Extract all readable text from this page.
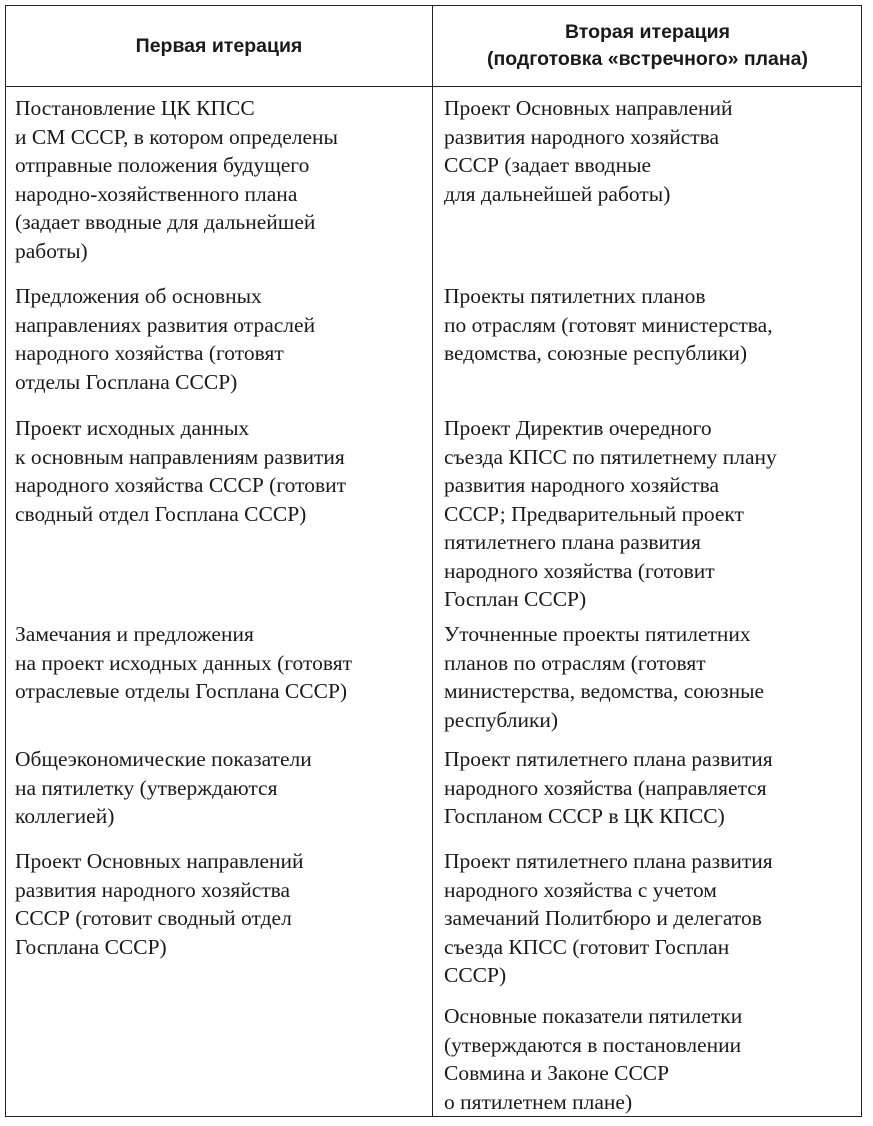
Первая итерация
Вторая итерация
(подготовка «встречного» плана)
Постановление ЦК КПСС
и СМ СССР, в котором определены
отправные положения будущего
народно-хозяйственного плана
(задает вводные для дальнейшей
работы)
Предложения об основных
направлениях развития отраслей
народного хозяйства (готовят
отделы Госплана СССР)
Проект исходных данных
к основным направлениям развития
народного хозяйства СССР (готовит
сводный отдел Госплана СССР)
Замечания и предложения
на проект исходных данных (готовят
отраслевые отделы Госплана СССР)
Общеэкономические показатели
на пятилетку (утверждаются
коллегией)
Проект Основных направлений
развития народного хозяйства
СССР (готовит сводный отдел
Госплана СССР)
Проект Основных направлений
развития народного хозяйства
СССР (задает вводные
для дальнейшей работы)
Проекты пятилетних планов
по отраслям (готовят министерства,
ведомства, союзные республики)
Проект Директив очередного
съезда КПСС по пятилетнему плану
развития народного хозяйства
СССР; Предварительный проект
пятилетнего плана развития
народного хозяйства (готовит
Госплан СССР)
Уточненные проекты пятилетних
планов по отраслям (готовят
министерства, ведомства, союзные
республики)
Проект пятилетнего плана развития
народного хозяйства (направляется
Госпланом СССР в ЦК КПСС)
Проект пятилетнего плана развития
народного хозяйства с учетом
замечаний Политбюро и делегатов
съезда КПСС (готовит Госплан
СССР)
Основные показатели пятилетки
(утверждаются в постановлении
Совмина и Законе СССР
о пятилетнем плане)
